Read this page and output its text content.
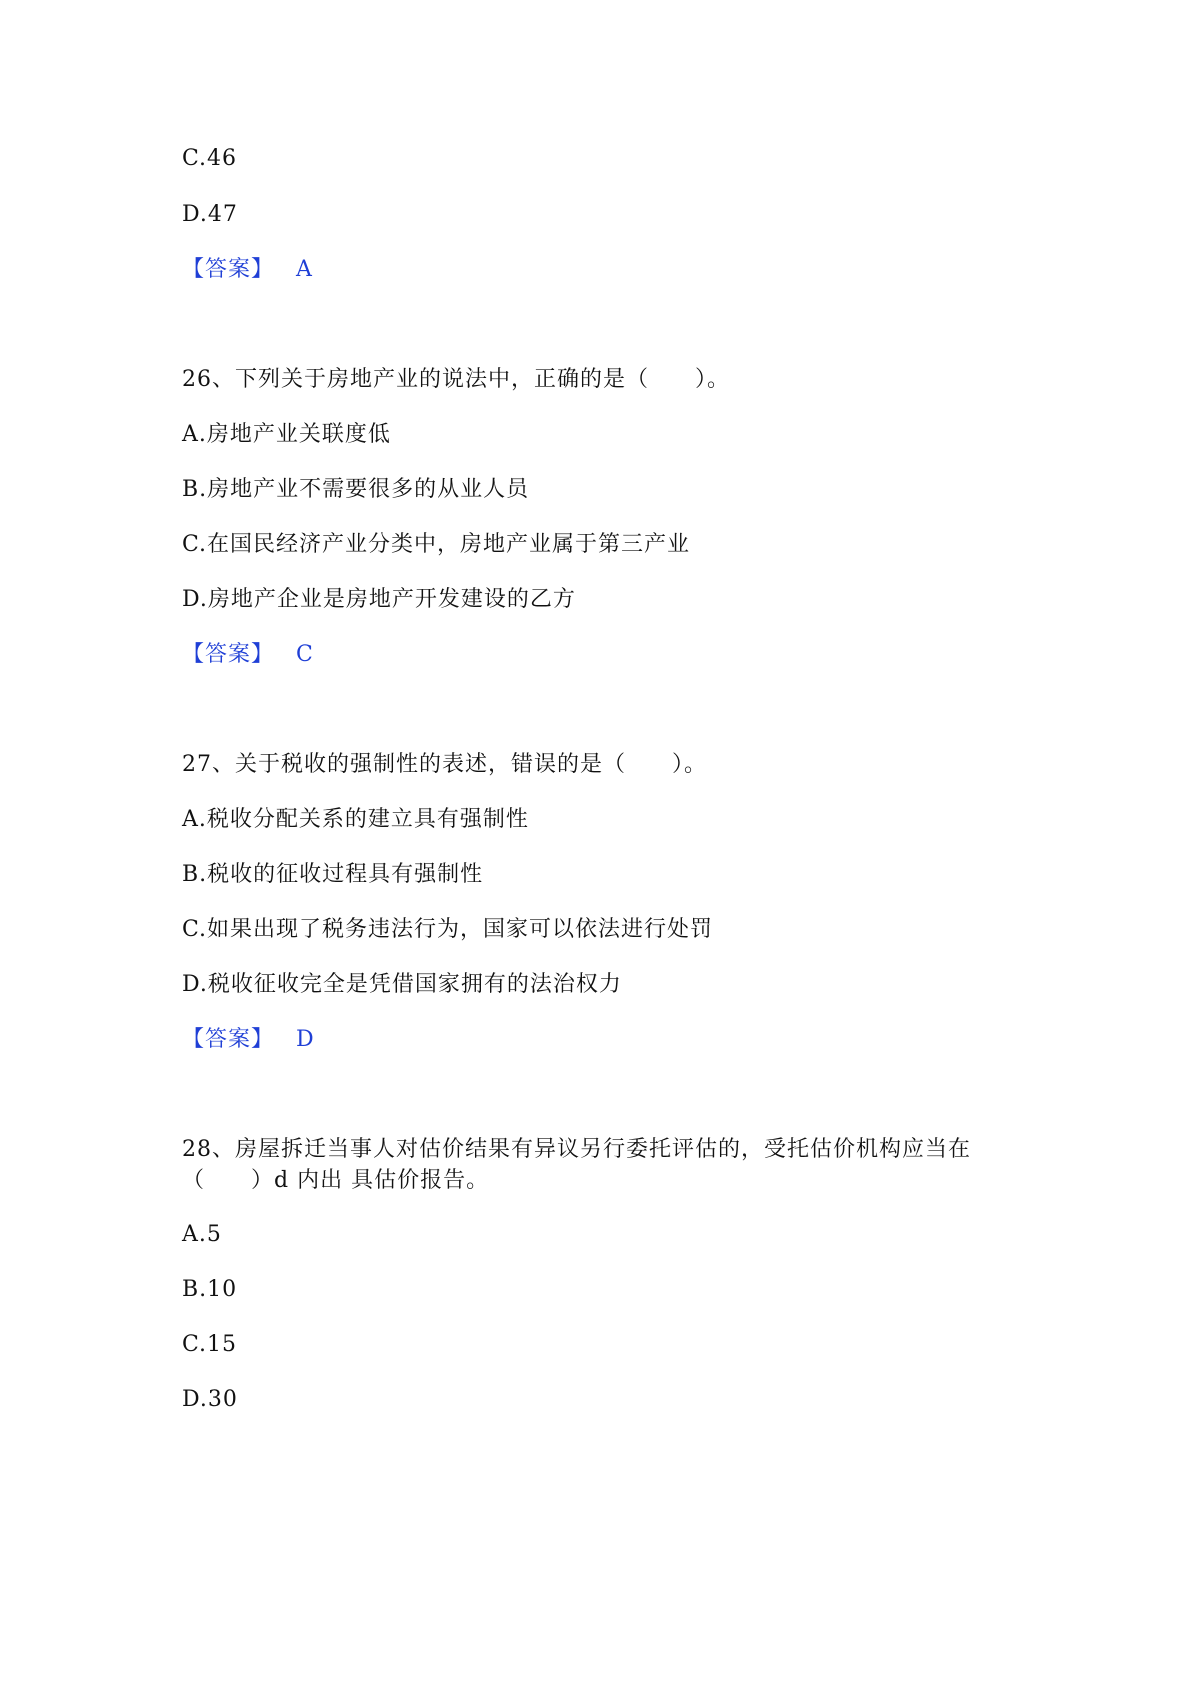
C.46
D.47
【答案】 A
26、下列关于房地产业的说法中，正确的是（　　）。
A.房地产业关联度低
B.房地产业不需要很多的从业人员
C.在国民经济产业分类中，房地产业属于第三产业
D.房地产企业是房地产开发建设的乙方
【答案】 C
27、关于税收的强制性的表述，错误的是（　　）。
A.税收分配关系的建立具有强制性
B.税收的征收过程具有强制性
C.如果出现了税务违法行为，国家可以依法进行处罚
D.税收征收完全是凭借国家拥有的法治权力
【答案】 D
28、房屋拆迁当事人对估价结果有异议另行委托评估的，受托估价机构应当在
（　　）d 内出 具估价报告。
A.5
B.10
C.15
D.30
